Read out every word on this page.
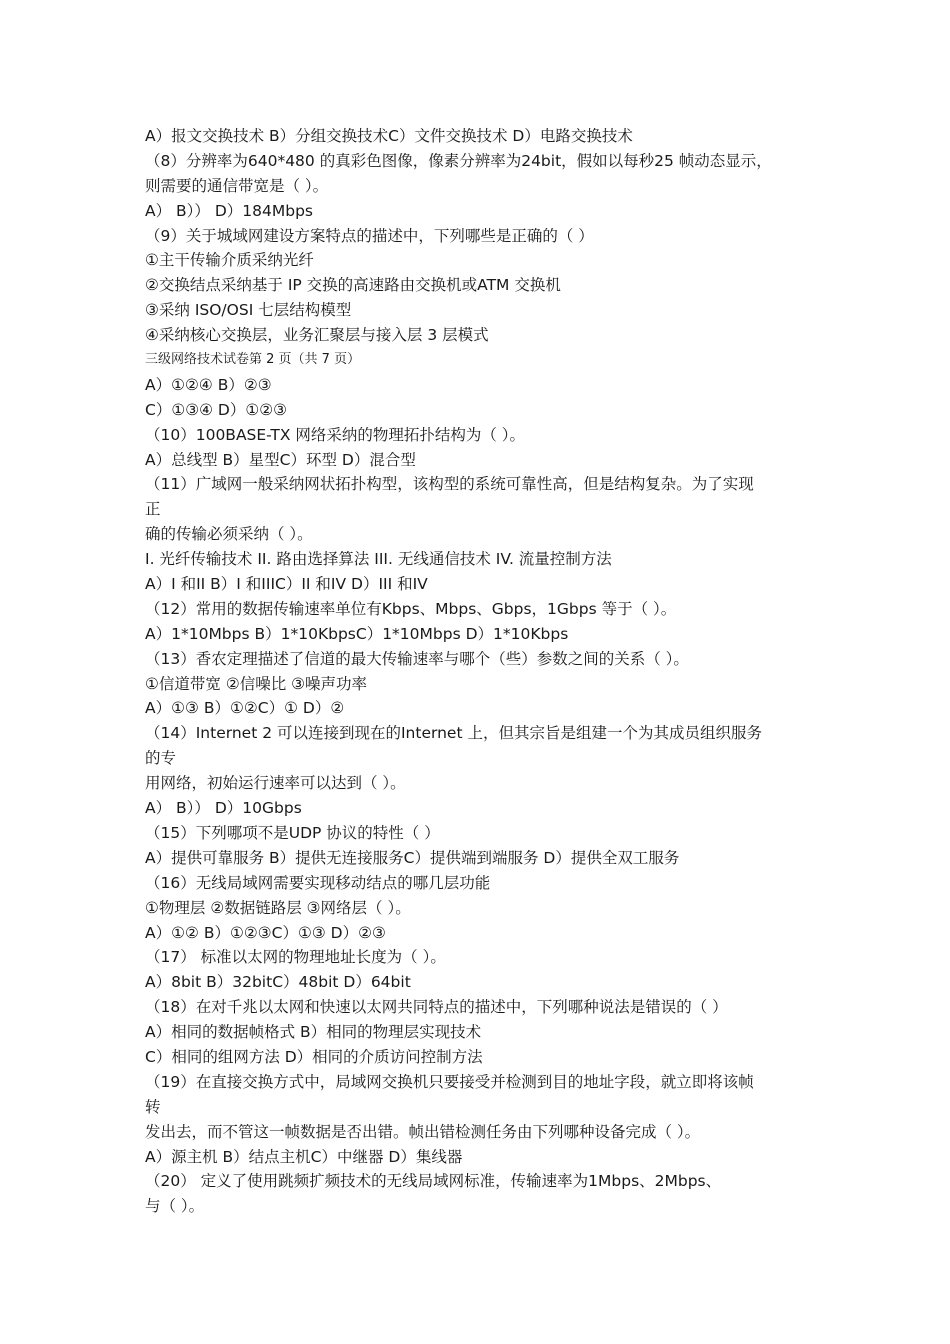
A）报文交换技术 B）分组交换技术C）文件交换技术 D）电路交换技术
（8）分辨率为640*480 的真彩色图像，像素分辨率为24bit，假如以每秒25 帧动态显示，
则需要的通信带宽是（ ）。
A） B）） D）184Mbps
（9）关于城域网建设方案特点的描述中，下列哪些是正确的（ ）
①主干传输介质采纳光纤
②交换结点采纳基于 IP 交换的高速路由交换机或ATM 交换机
③采纳 ISO/OSI 七层结构模型
④采纳核心交换层，业务汇聚层与接入层 3 层模式
三级网络技术试卷第 2 页（共 7 页）
A）①②④ B）②③
C）①③④ D）①②③
（10）100BASE-TX 网络采纳的物理拓扑结构为（ ）。
A）总线型 B）星型C）环型 D）混合型
（11）广域网一般采纳网状拓扑构型，该构型的系统可靠性高，但是结构复杂。为了实现
正
确的传输必须采纳（ ）。
I. 光纤传输技术 II. 路由选择算法 III. 无线通信技术 IV. 流量控制方法
A）I 和II B）I 和IIIC）II 和IV D）III 和IV
（12）常用的数据传输速率单位有Kbps、Mbps、Gbps，1Gbps 等于（ ）。
A）1*10Mbps B）1*10KbpsC）1*10Mbps D）1*10Kbps
（13）香农定理描述了信道的最大传输速率与哪个（些）参数之间的关系（ ）。
①信道带宽 ②信噪比 ③噪声功率
A）①③ B）①②C）① D）②
（14）Internet 2 可以连接到现在的Internet 上，但其宗旨是组建一个为其成员组织服务
的专
用网络，初始运行速率可以达到（ ）。
A） B）） D）10Gbps
（15）下列哪项不是UDP 协议的特性（ ）
A）提供可靠服务 B）提供无连接服务C）提供端到端服务 D）提供全双工服务
（16）无线局域网需要实现移动结点的哪几层功能
①物理层 ②数据链路层 ③网络层（ ）。
A）①② B）①②③C）①③ D）②③
（17） 标准以太网的物理地址长度为（ ）。
A）8bit B）32bitC）48bit D）64bit
（18）在对千兆以太网和快速以太网共同特点的描述中，下列哪种说法是错误的（ ）
A）相同的数据帧格式 B）相同的物理层实现技术
C）相同的组网方法 D）相同的介质访问控制方法
（19）在直接交换方式中，局域网交换机只要接受并检测到目的地址字段，就立即将该帧
转
发出去，而不管这一帧数据是否出错。帧出错检测任务由下列哪种设备完成（ ）。
A）源主机 B）结点主机C）中继器 D）集线器
（20） 定义了使用跳频扩频技术的无线局域网标准，传输速率为1Mbps、2Mbps、
与（ ）。
